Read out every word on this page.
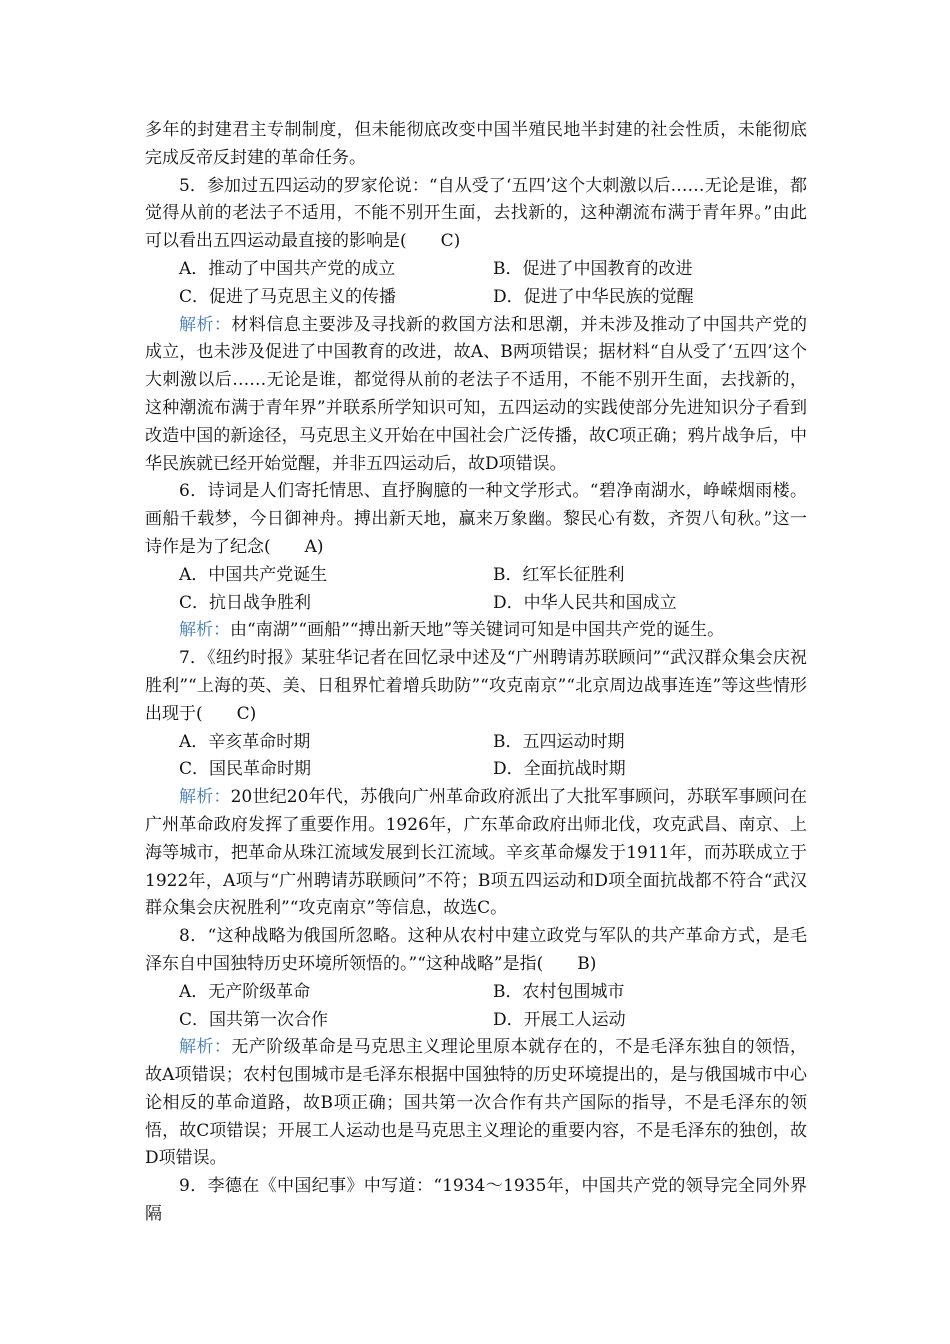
多年的封建君主专制制度，但未能彻底改变中国半殖民地半封建的社会性质，未能彻底完成反帝反封建的革命任务。

5．参加过五四运动的罗家伦说：“自从受了‘五四’这个大刺激以后……无论是谁，都觉得从前的老法子不适用，不能不别开生面，去找新的，这种潮流布满于青年界。”由此可以看出五四运动最直接的影响是( C)

A．推动了中国共产党的成立	B．促进了中国教育的改进
C．促进了马克思主义的传播	D．促进了中华民族的觉醒

解析：材料信息主要涉及寻找新的救国方法和思潮，并未涉及推动了中国共产党的成立，也未涉及促进了中国教育的改进，故A、B两项错误；据材料“自从受了‘五四’这个大刺激以后……无论是谁，都觉得从前的老法子不适用，不能不别开生面，去找新的，这种潮流布满于青年界”并联系所学知识可知，五四运动的实践使部分先进知识分子看到改造中国的新途径，马克思主义开始在中国社会广泛传播，故C项正确；鸦片战争后，中华民族就已经开始觉醒，并非五四运动后，故D项错误。

6．诗词是人们寄托情思、直抒胸臆的一种文学形式。“碧净南湖水，峥嵘烟雨楼。画船千载梦，今日御神舟。搏出新天地，赢来万象幽。黎民心有数，齐贺八旬秋。”这一诗作是为了纪念( A)

A．中国共产党诞生	B．红军长征胜利
C．抗日战争胜利	D．中华人民共和国成立

解析：由“南湖”“画船”“搏出新天地”等关键词可知是中国共产党的诞生。

7．《纽约时报》某驻华记者在回忆录中述及“广州聘请苏联顾问”“武汉群众集会庆祝胜利”“上海的英、美、日租界忙着增兵助防”“攻克南京”“北京周边战事连连”等这些情形出现于( C)

A．辛亥革命时期	B．五四运动时期
C．国民革命时期	D．全面抗战时期

解析：20世纪20年代，苏俄向广州革命政府派出了大批军事顾问，苏联军事顾问在广州革命政府发挥了重要作用。1926年，广东革命政府出师北伐，攻克武昌、南京、上海等城市，把革命从珠江流域发展到长江流域。辛亥革命爆发于1911年，而苏联成立于1922年，A项与“广州聘请苏联顾问”不符；B项五四运动和D项全面抗战都不符合“武汉群众集会庆祝胜利”“攻克南京”等信息，故选C。

8．“这种战略为俄国所忽略。这种从农村中建立政党与军队的共产革命方式，是毛泽东自中国独特历史环境所领悟的。”“这种战略”是指( B)

A．无产阶级革命	B．农村包围城市
C．国共第一次合作	D．开展工人运动

解析：无产阶级革命是马克思主义理论里原本就存在的，不是毛泽东独自的领悟，故A项错误；农村包围城市是毛泽东根据中国独特的历史环境提出的，是与俄国城市中心论相反的革命道路，故B项正确；国共第一次合作有共产国际的指导，不是毛泽东的领悟，故C项错误；开展工人运动也是马克思主义理论的重要内容，不是毛泽东的独创，故D项错误。

9．李德在《中国纪事》中写道：“1934～1935年，中国共产党的领导完全同外界隔
